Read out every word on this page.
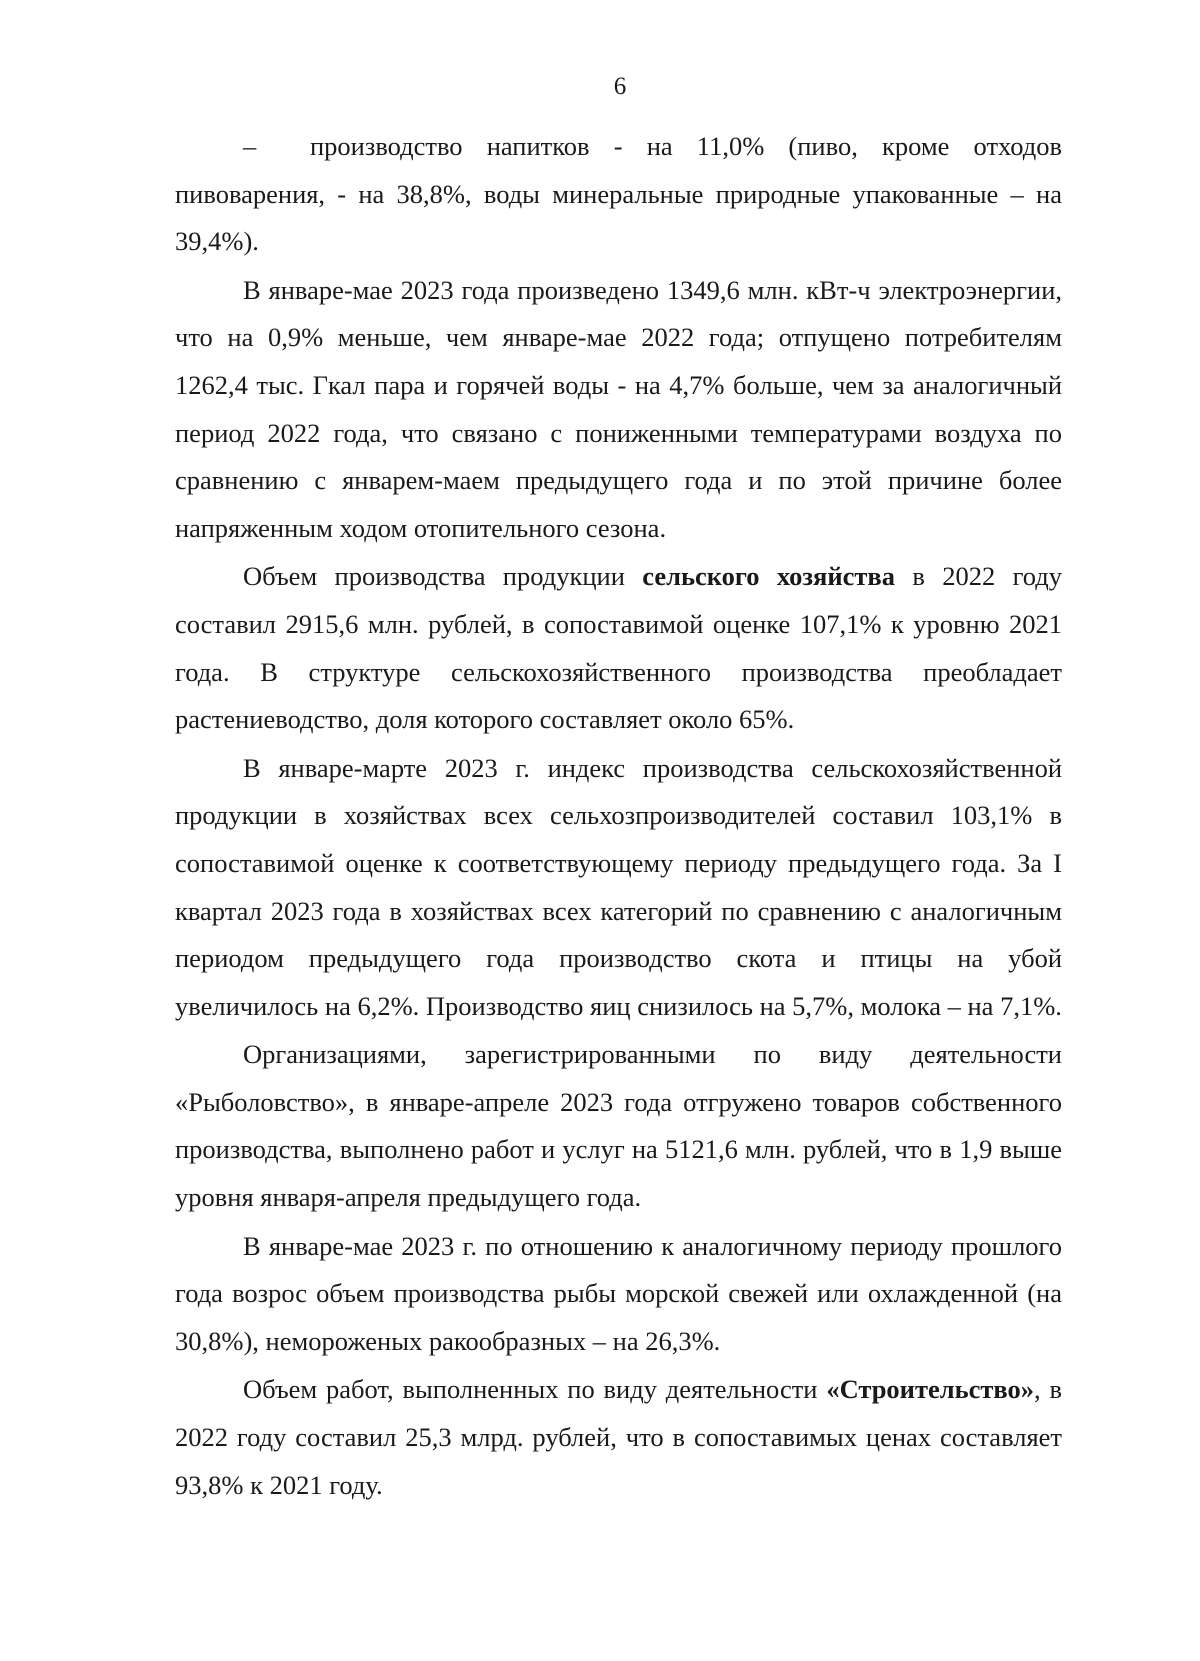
6

– производство напитков - на 11,0% (пиво, кроме отходов пивоварения, - на 38,8%, воды минеральные природные упакованные – на 39,4%).

В январе-мае 2023 года произведено 1349,6 млн. кВт-ч электроэнергии, что на 0,9% меньше, чем январе-мае 2022 года; отпущено потребителям 1262,4 тыс. Гкал пара и горячей воды - на 4,7% больше, чем за аналогичный период 2022 года, что связано с пониженными температурами воздуха по сравнению с январем-маем предыдущего года и по этой причине более напряженным ходом отопительного сезона.

Объем производства продукции сельского хозяйства в 2022 году составил 2915,6 млн. рублей, в сопоставимой оценке 107,1% к уровню 2021 года. В структуре сельскохозяйственного производства преобладает растениеводство, доля которого составляет около 65%.

В январе-марте 2023 г. индекс производства сельскохозяйственной продукции в хозяйствах всех сельхозпроизводителей составил 103,1% в сопоставимой оценке к соответствующему периоду предыдущего года. За I квартал 2023 года в хозяйствах всех категорий по сравнению с аналогичным периодом предыдущего года производство скота и птицы на убой увеличилось на 6,2%. Производство яиц снизилось на 5,7%, молока – на 7,1%.

Организациями, зарегистрированными по виду деятельности «Рыболовство», в январе-апреле 2023 года отгружено товаров собственного производства, выполнено работ и услуг на 5121,6 млн. рублей, что в 1,9 выше уровня января-апреля предыдущего года.

В январе-мае 2023 г. по отношению к аналогичному периоду прошлого года возрос объем производства рыбы морской свежей или охлажденной (на 30,8%), немороженых ракообразных – на 26,3%.

Объем работ, выполненных по виду деятельности «Строительство», в 2022 году составил 25,3 млрд. рублей, что в сопоставимых ценах составляет 93,8% к 2021 году.
